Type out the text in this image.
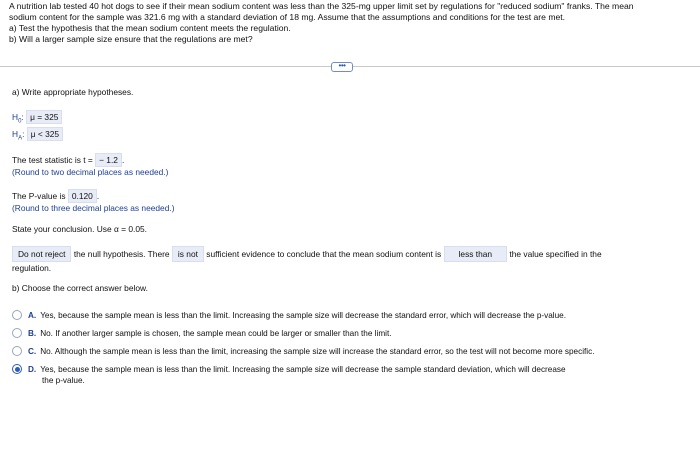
A nutrition lab tested 40 hot dogs to see if their mean sodium content was less than the 325-mg upper limit set by regulations for "reduced sodium" franks. The mean
sodium content for the sample was 321.6 mg with a standard deviation of 18 mg. Assume that the assumptions and conditions for the test are met.
a) Test the hypothesis that the mean sodium content meets the regulation.
b) Will a larger sample size ensure that the regulations are met?
•••
a) Write appropriate hypotheses.
$H_0$: μ = 325
$H_A$: μ < 325
The test statistic is t = − 1.2 .
(Round to two decimal places as needed.)
The P-value is 0.120 .
(Round to three decimal places as needed.)
State your conclusion. Use α = 0.05.
Do not reject the null hypothesis. There is not sufficient evidence to conclude that the mean sodium content is less than the value specified in the
regulation.
b) Choose the correct answer below.
A. Yes, because the sample mean is less than the limit. Increasing the sample size will decrease the standard error, which will decrease the p-value.
B. No. If another larger sample is chosen, the sample mean could be larger or smaller than the limit.
C. No. Although the sample mean is less than the limit, increasing the sample size will increase the standard error, so the test will not become more specific.
D. Yes, because the sample mean is less than the limit. Increasing the sample size will decrease the sample standard deviation, which will decrease
the p-value.
